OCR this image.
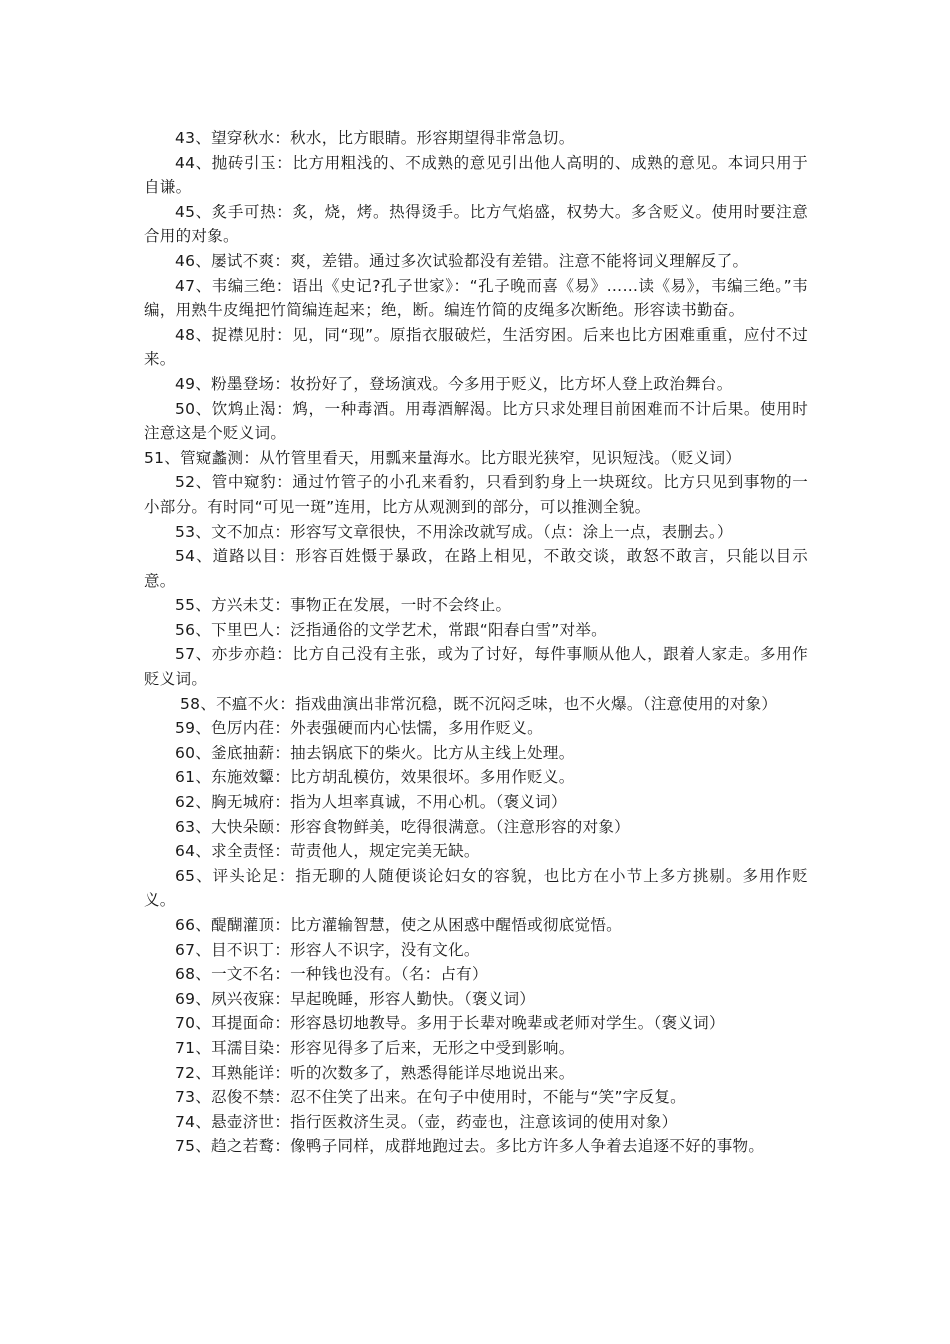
43、望穿秋水：秋水，比方眼睛。形容期望得非常急切。

44、抛砖引玉：比方用粗浅的、不成熟的意见引出他人高明的、成熟的意见。本词只用于自谦。

45、炙手可热：炙，烧，烤。热得烫手。比方气焰盛，权势大。多含贬义。使用时要注意合用的对象。

46、屡试不爽：爽，差错。通过多次试验都没有差错。注意不能将词义理解反了。

47、韦编三绝：语出《史记?孔子世家》：“孔子晚而喜《易》……读《易》，韦编三绝。”韦编，用熟牛皮绳把竹简编连起来；绝，断。编连竹简的皮绳多次断绝。形容读书勤奋。

48、捉襟见肘：见，同“现”。原指衣服破烂，生活穷困。后来也比方困难重重，应付不过来。

49、粉墨登场：妆扮好了，登场演戏。今多用于贬义，比方坏人登上政治舞台。

50、饮鸩止渴：鸩，一种毒酒。用毒酒解渴。比方只求处理目前困难而不计后果。使用时注意这是个贬义词。

51、管窥蠡测：从竹管里看天，用瓢来量海水。比方眼光狭窄，见识短浅。（贬义词）

52、管中窥豹：通过竹管子的小孔来看豹，只看到豹身上一块斑纹。比方只见到事物的一小部分。有时同“可见一斑”连用，比方从观测到的部分，可以推测全貌。

53、文不加点：形容写文章很快，不用涂改就写成。（点：涂上一点，表删去。）

54、道路以目：形容百姓慑于暴政，在路上相见，不敢交谈，敢怒不敢言，只能以目示意。

55、方兴未艾：事物正在发展，一时不会终止。

56、下里巴人：泛指通俗的文学艺术，常跟“阳春白雪”对举。

57、亦步亦趋：比方自己没有主张，或为了讨好，每件事顺从他人，跟着人家走。多用作贬义词。

58、不瘟不火：指戏曲演出非常沉稳，既不沉闷乏味，也不火爆。（注意使用的对象）

59、色厉内荏：外表强硬而内心怯懦，多用作贬义。

60、釜底抽薪：抽去锅底下的柴火。比方从主线上处理。

61、东施效颦：比方胡乱模仿，效果很坏。多用作贬义。

62、胸无城府：指为人坦率真诚，不用心机。（褒义词）

63、大快朵颐：形容食物鲜美，吃得很满意。（注意形容的对象）

64、求全责怪：苛责他人，规定完美无缺。

65、评头论足：指无聊的人随便谈论妇女的容貌，也比方在小节上多方挑剔。多用作贬义。

66、醍醐灌顶：比方灌输智慧，使之从困惑中醒悟或彻底觉悟。

67、目不识丁：形容人不识字，没有文化。

68、一文不名：一种钱也没有。（名：占有）

69、夙兴夜寐：早起晚睡，形容人勤快。（褒义词）

70、耳提面命：形容恳切地教导。多用于长辈对晚辈或老师对学生。（褒义词）

71、耳濡目染：形容见得多了后来，无形之中受到影响。

72、耳熟能详：听的次数多了，熟悉得能详尽地说出来。

73、忍俊不禁：忍不住笑了出来。在句子中使用时，不能与“笑”字反复。

74、悬壶济世：指行医救济生灵。（壶，药壶也，注意该词的使用对象）

75、趋之若鹜：像鸭子同样，成群地跑过去。多比方许多人争着去追逐不好的事物。
